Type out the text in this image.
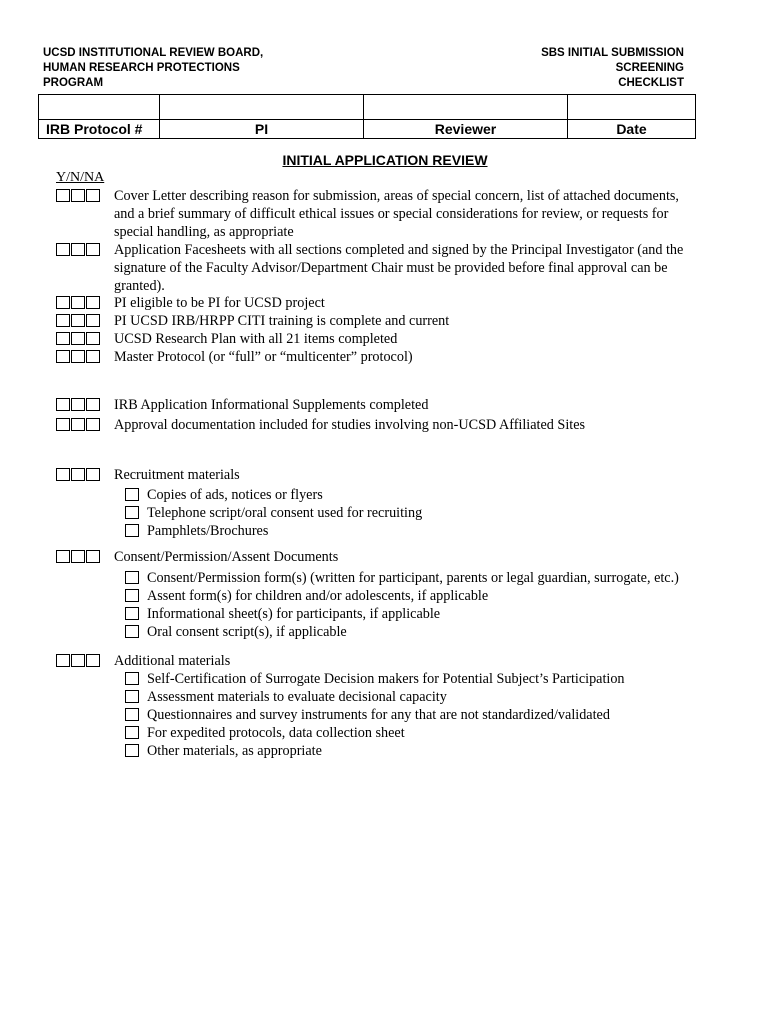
UCSD INSTITUTIONAL REVIEW BOARD,
HUMAN RESEARCH PROTECTIONS
PROGRAM
SBS INITIAL SUBMISSION
SCREENING
CHECKLIST

IRB Protocol #	PI	Reviewer	Date
INITIAL APPLICATION REVIEW
Y/N/NA
Cover Letter describing reason for submission, areas of special concern, list of attached documents,
and a brief summary of difficult ethical issues or special considerations for review, or requests for
special handling, as appropriate
Application Facesheets with all sections completed and signed by the Principal Investigator (and the
signature of the Faculty Advisor/Department Chair must be provided before final approval can be
granted).
PI eligible to be PI for UCSD project
PI UCSD IRB/HRPP CITI training is complete and current
UCSD Research Plan with all 21 items completed
Master Protocol (or “full” or “multicenter” protocol)
IRB Application Informational Supplements completed
Approval documentation included for studies involving non-UCSD Affiliated Sites
Recruitment materials
Copies of ads, notices or flyers
Telephone script/oral consent used for recruiting
Pamphlets/Brochures
Consent/Permission/Assent Documents
Consent/Permission form(s) (written for participant, parents or legal guardian, surrogate, etc.)
Assent form(s) for children and/or adolescents, if applicable
Informational sheet(s) for participants, if applicable
Oral consent script(s), if applicable
Additional materials
Self-Certification of Surrogate Decision makers for Potential Subject’s Participation
Assessment materials to evaluate decisional capacity
Questionnaires and survey instruments for any that are not standardized/validated
For expedited protocols, data collection sheet
Other materials, as appropriate
